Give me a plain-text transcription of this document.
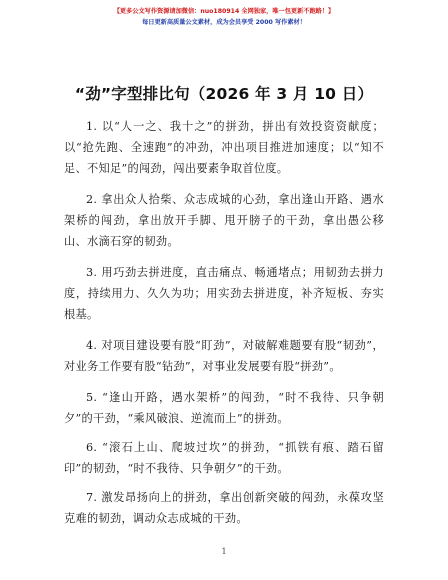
【更多公文写作资源请加微信：nuo180914 全网独家，唯一包更新不跑路！】
每日更新高质量公文素材，成为会员享受 2000 写作素材！
“劲”字型排比句（2026 年 3 月 10 日）

1. 以“人一之、我十之”的拼劲，拼出有效投资资献度；以“抢先跑、全速跑”的冲劲，冲出项目推进加速度；以“知不足、不知足”的闯劲，闯出要素争取首位度。

2. 拿出众人拾柴、众志成城的心劲，拿出逢山开路、遇水架桥的闯劲，拿出放开手脚、甩开膀子的干劲，拿出愚公移山、水滴石穿的韧劲。

3. 用巧劲去拼进度，直击痛点、畅通堵点；用韧劲去拼力度，持续用力、久久为功；用实劲去拼进度，补齐短板、夯实根基。

4. 对项目建设要有股“盯劲”，对破解难题要有股“韧劲”，对业务工作要有股“钻劲”，对事业发展要有股“拼劲”。

5. “逢山开路，遇水架桥”的闯劲，“时不我待、只争朝夕”的干劲，“乘风破浪、逆流而上”的拼劲。

6. “滚石上山、爬坡过坎”的拼劲，“抓铁有痕、踏石留印”的韧劲，“时不我待、只争朝夕”的干劲。

7. 激发昂扬向上的拼劲，拿出创新突破的闯劲，永葆攻坚克难的韧劲，调动众志成城的干劲。

1
